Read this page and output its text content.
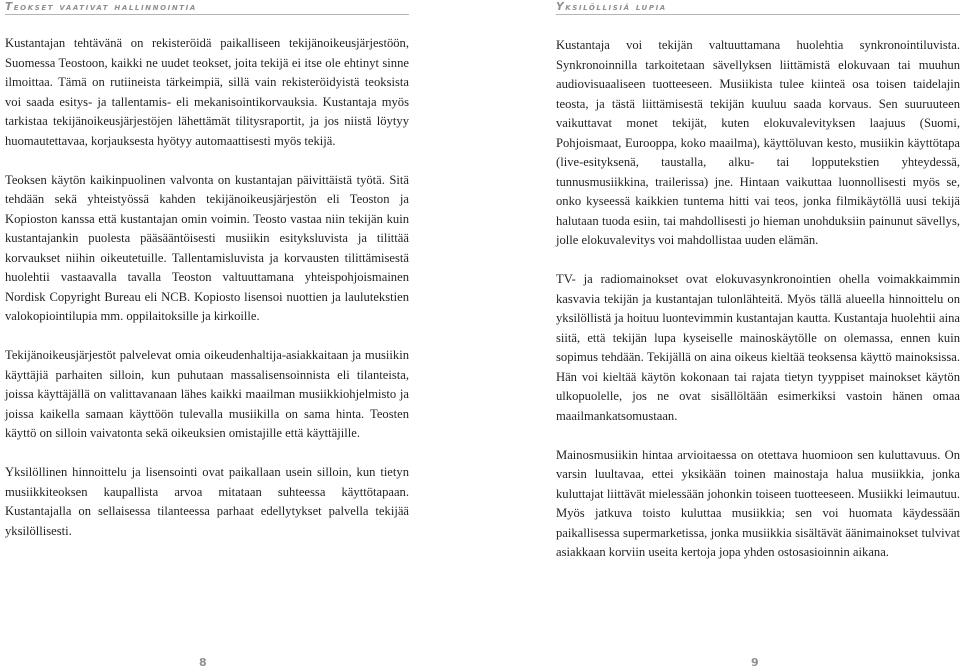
Teokset vaativat hallinnointia

Kustantajan tehtävänä on rekisteröidä paikalliseen tekijänoikeusjärjestöön, Suomessa Teostoon, kaikki ne uudet teokset, joita tekijä ei itse ole ehtinyt sinne ilmoittaa. Tämä on rutiineista tärkeimpiä, sillä vain rekisteröidyistä teoksista voi saada esitys- ja tallentamis- eli mekanisointikorvauksia. Kustantaja myös tarkistaa tekijänoikeusjärjestöjen lähettämät tilitysraportit, ja jos niistä löytyy huomautettavaa, korjauksesta hyötyy automaattisesti myös tekijä.

Teoksen käytön kaikinpuolinen valvonta on kustantajan päivittäistä työtä. Sitä tehdään sekä yhteistyössä kahden tekijänoikeusjärjestön eli Teoston ja Kopioston kanssa että kustantajan omin voimin. Teosto vastaa niin tekijän kuin kustantajankin puolesta pääsääntöisesti musiikin esityksluvista ja tilittää korvaukset niihin oikeutetuille. Tallentamisluvista ja korvausten tilittämisestä huolehtii vastaavalla tavalla Teoston valtuuttamana yhteispohjoismainen Nordisk Copyright Bureau eli NCB. Kopiosto lisensoi nuottien ja laulutekstien valokopiointilupia mm. oppilaitoksille ja kirkoille.

Tekijänoikeusjärjestöt palvelevat omia oikeudenhaltija-asiakkaitaan ja musiikin käyttäjiä parhaiten silloin, kun puhutaan massalisensoinnista eli tilanteista, joissa käyttäjällä on valittavanaan lähes kaikki maailman musiikkiohjelmisto ja joissa kaikella samaan käyttöön tulevalla musiikilla on sama hinta. Teosten käyttö on silloin vaivatonta sekä oikeuksien omistajille että käyttäjille.

Yksilöllinen hinnoittelu ja lisensointi ovat paikallaan usein silloin, kun tietyn musiikkiteoksen kaupallista arvoa mitataan suhteessa käyttötapaan. Kustantajalla on sellaisessa tilanteessa parhaat edellytykset palvella tekijää yksilöllisesti.

Yksilöllisiä lupia

Kustantaja voi tekijän valtuuttamana huolehtia synkronointiluvista. Synkronoinnilla tarkoitetaan sävellyksen liittämistä elokuvaan tai muuhun audiovisuaaliseen tuotteeseen. Musiikista tulee kiinteä osa toisen taidelajin teosta, ja tästä liittämisestä tekijän kuuluu saada korvaus. Sen suuruuteen vaikuttavat monet tekijät, kuten elokuvalevityksen laajuus (Suomi, Pohjoismaat, Eurooppa, koko maailma), käyttöluvan kesto, musiikin käyttötapa (live-esityksenä, taustalla, alku- tai lopputekstien yhteydessä, tunnusmusiikkina, trailerissa) jne. Hintaan vaikuttaa luonnollisesti myös se, onko kyseessä kaikkien tuntema hitti vai teos, jonka filmikäytöllä uusi tekijä halutaan tuoda esiin, tai mahdollisesti jo hieman unohduksiin painunut sävellys, jolle elokuvalevitys voi mahdollistaa uuden elämän.

TV- ja radiomainokset ovat elokuvasynkronointien ohella voimakkaimmin kasvavia tekijän ja kustantajan tulonlähteitä. Myös tällä alueella hinnoittelu on yksilöllistä ja hoituu luontevimmin kustantajan kautta. Kustantaja huolehtii aina siitä, että tekijän lupa kyseiselle mainoskäytölle on olemassa, ennen kuin sopimus tehdään. Tekijällä on aina oikeus kieltää teoksensa käyttö mainoksissa. Hän voi kieltää käytön kokonaan tai rajata tietyn tyyppiset mainokset käytön ulkopuolelle, jos ne ovat sisällöltään esimerkiksi vastoin hänen omaa maailmankatsomustaan.

Mainosmusiikin hintaa arvioitaessa on otettava huomioon sen kuluttavuus. On varsin luultavaa, ettei yksikään toinen mainostaja halua musiikkia, jonka kuluttajat liittävät mielessään johonkin toiseen tuotteeseen. Musiikki leimautuu. Myös jatkuva toisto kuluttaa musiikkia; sen voi huomata käydessään paikallisessa supermarketissa, jonka musiikkia sisältävät äänimainokset tulvivat asiakkaan korviin useita kertoja jopa yhden ostosasioinnin aikana.

8	9
